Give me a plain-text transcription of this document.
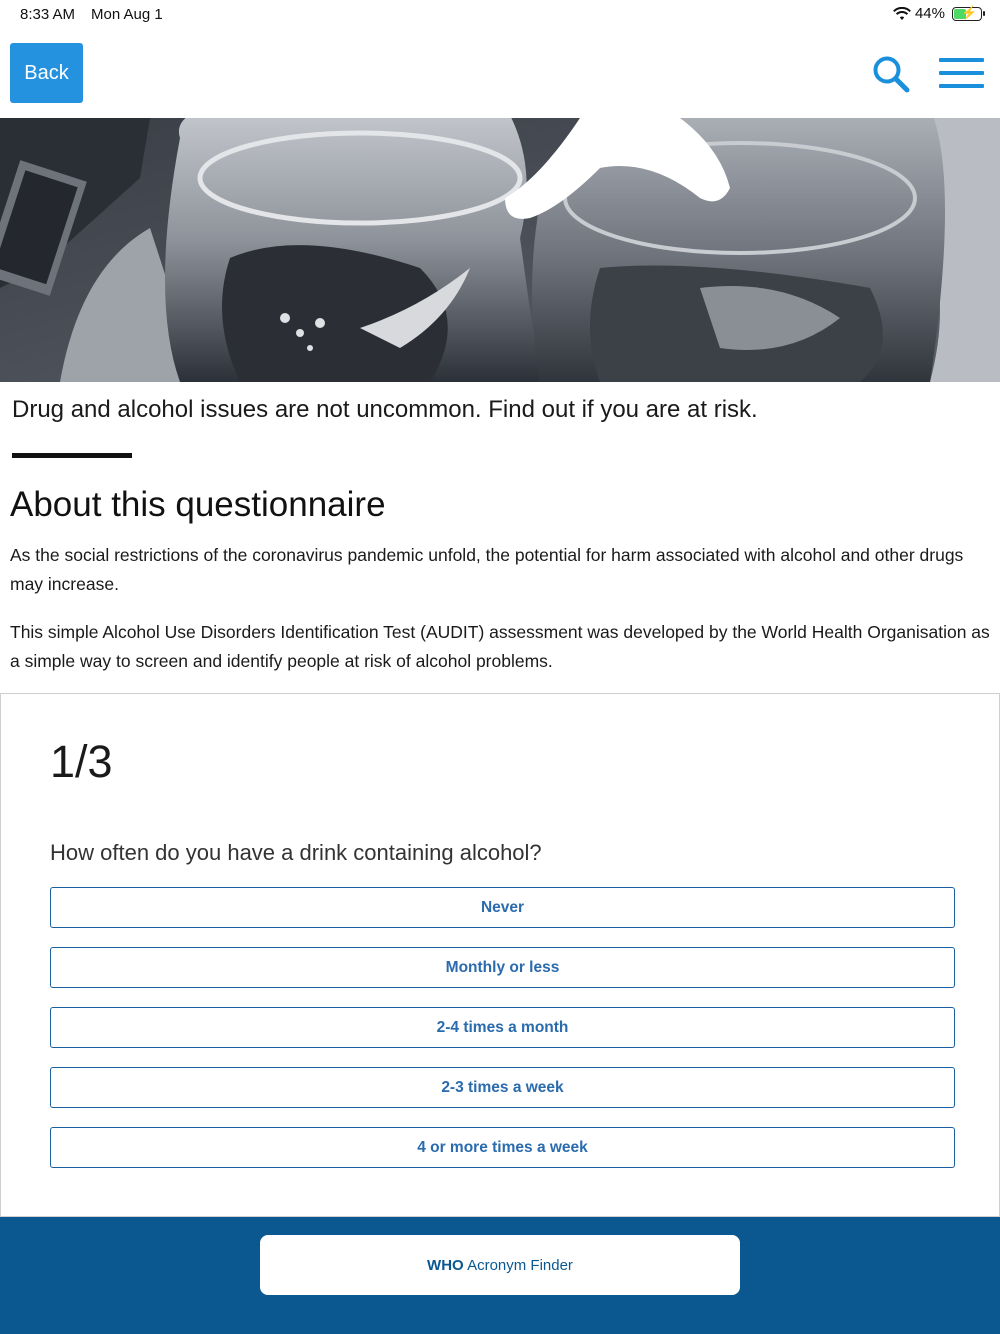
8:33 AM Mon Aug 1	44% ⚡
Back

Drug and alcohol issues are not uncommon. Find out if you are at risk.

About this questionnaire

As the social restrictions of the coronavirus pandemic unfold, the potential for harm associated with alcohol and other drugs may increase.

This simple Alcohol Use Disorders Identification Test (AUDIT) assessment was developed by the World Health Organisation as a simple way to screen and identify people at risk of alcohol problems.

1/3
How often do you have a drink containing alcohol?
Never
Monthly or less
2-4 times a month
2-3 times a week
4 or more times a week
WHO Acronym Finder
